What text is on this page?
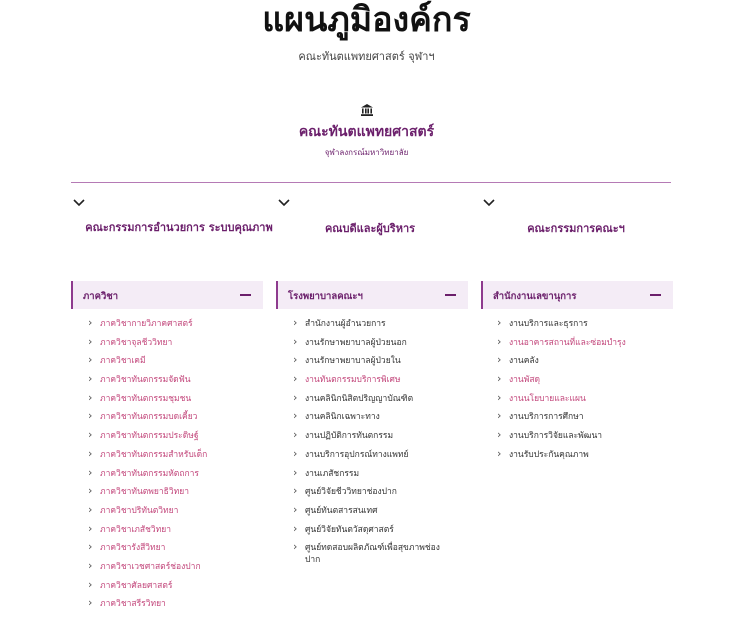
แผนภูมิองค์กร
คณะทันตแพทยศาสตร์ จุฬาฯ
คณะทันตแพทยศาสตร์
จุฬาลงกรณ์มหาวิทยาลัย
คณะกรรมการอำนวยการ ระบบคุณภาพ
ภาควิชา
› ภาควิชากายวิภาคศาสตร์
› ภาควิชาจุลชีววิทยา
› ภาควิชาเคมี
› ภาควิชาทันตกรรมจัดฟัน
› ภาควิชาทันตกรรมชุมชน
› ภาควิชาทันตกรรมบดเคี้ยว
› ภาควิชาทันตกรรมประดิษฐ์
› ภาควิชาทันตกรรมสำหรับเด็ก
› ภาควิชาทันตกรรมหัตถการ
› ภาควิชาทันตพยาธิวิทยา
› ภาควิชาปริทันตวิทยา
› ภาควิชาเภสัชวิทยา
› ภาควิชารังสีวิทยา
› ภาควิชาเวชศาสตร์ช่องปาก
› ภาควิชาศัลยศาสตร์
› ภาควิชาสรีรวิทยา
คณบดีและผู้บริหาร
โรงพยาบาลคณะฯ
› สำนักงานผู้อำนวยการ
› งานรักษาพยาบาลผู้ป่วยนอก
› งานรักษาพยาบาลผู้ป่วยใน
› งานทันตกรรมบริการพิเศษ
› งานคลินิกนิสิตปริญญาบัณฑิต
› งานคลินิกเฉพาะทาง
› งานปฏิบัติการทันตกรรม
› งานบริการอุปกรณ์ทางแพทย์
› งานเภสัชกรรม
› ศูนย์วิจัยชีววิทยาช่องปาก
› ศูนย์ทันตสารสนเทศ
› ศูนย์วิจัยทันตวัสดุศาสตร์
› ศูนย์ทดสอบผลิตภัณฑ์เพื่อสุขภาพช่องปาก
คณะกรรมการคณะฯ
สำนักงานเลขานุการ
› งานบริการและธุรการ
› งานอาคารสถานที่และซ่อมบำรุง
› งานคลัง
› งานพัสดุ
› งานนโยบายและแผน
› งานบริการการศึกษา
› งานบริการวิจัยและพัฒนา
› งานรับประกันคุณภาพ
